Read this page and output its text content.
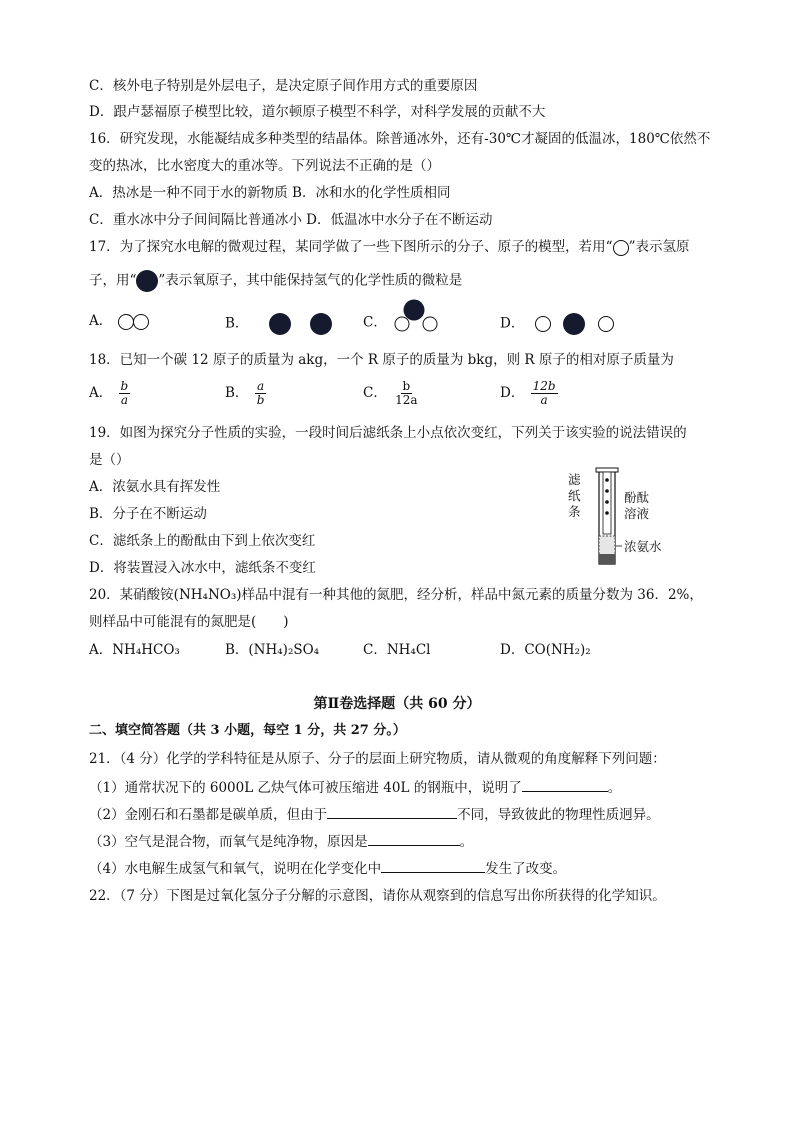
C．核外电子特别是外层电子，是决定原子间作用方式的重要原因
D．跟卢瑟福原子模型比较，道尔顿原子模型不科学，对科学发展的贡献不大
16．研究发现，水能凝结成多种类型的结晶体。除普通冰外，还有-30℃才凝固的低温冰，180℃依然不
变的热冰，比水密度大的重冰等。下列说法不正确的是（）
A．热冰是一种不同于水的新物质 B．冰和水的化学性质相同
C．重水冰中分子间间隔比普通冰小 D．低温冰中水分子在不断运动
17．为了探究水电解的微观过程，某同学做了一些下图所示的分子、原子的模型，若用“ ”表示氢原
子，用“ ”表示氧原子，其中能保持氢气的化学性质的微粒是
A．	B．	C．	D．
18．已知一个碳 12 原子的质量为 akg，一个 R 原子的质量为 bkg，则 R 原子的相对原子质量为
A． $\frac{b}{a}$	B． $\frac{a}{b}$	C． $\frac{b}{12a}$	D． $\frac{12b}{a}$
19．如图为探究分子性质的实验，一段时间后滤纸条上小点依次变红，下列关于该实验的说法错误的
是（）
A．浓氨水具有挥发性
B．分子在不断运动
C．滤纸条上的酚酞由下到上依次变红
D．将装置浸入冰水中，滤纸条不变红
滤
纸
条
酚酞
溶液
浓氨水
20．某硝酸铵(NH₄NO₃)样品中混有一种其他的氮肥，经分析，样品中氮元素的质量分数为 36．2%，
则样品中可能混有的氮肥是(　　)
A．NH₄HCO₃	B．(NH₄)₂SO₄	C．NH₄Cl	D．CO(NH₂)₂
第Ⅱ卷选择题（共 60 分）
二、填空简答题（共 3 小题，每空 1 分，共 27 分。）
21．（4 分）化学的学科特征是从原子、分子的层面上研究物质，请从微观的角度解释下列问题：
（1）通常状况下的 6000L 乙炔气体可被压缩进 40L 的钢瓶中，说明了	。
（2）金刚石和石墨都是碳单质，但由于	不同，导致彼此的物理性质迥异。
（3）空气是混合物，而氧气是纯净物，原因是	。
（4）水电解生成氢气和氧气，说明在化学变化中	发生了改变。
22．（7 分）下图是过氧化氢分子分解的示意图，请你从观察到的信息写出你所获得的化学知识。
